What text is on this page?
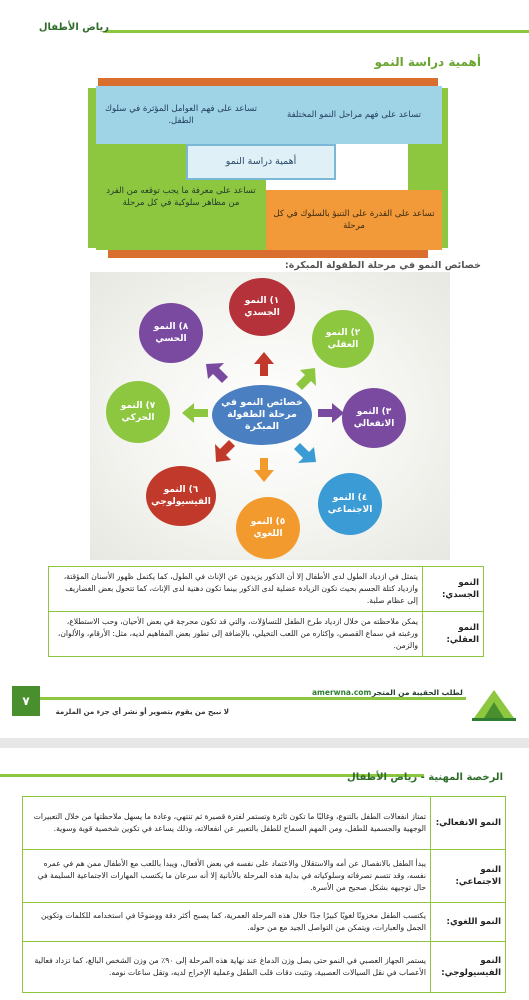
رياض الأطفال
أهمية دراسة النمو
تساعد على فهم العوامل المؤثرة في سلوك الطفل.
تساعد على فهم مراحل النمو المختلفة
تساعد على معرفة ما يجب توقعه من الفرد من مظاهر سلوكية في كل مرحلة
تساعد على القدرة على التنبؤ بالسلوك في كل مرحلة
أهمية دراسة النمو
خصائص النمو في مرحلة الطفولة المبكرة:
خصائص النمو في مرحلة الطفولة المبكرة
١) النمو الجسدي
٢) النمو العقلي
٣) النمو الانفعالي
٤) النمو الاجتماعي
٥) النمو اللغوي
٦) النمو الفيسيولوجي
٧) النمو الحركي
٨) النمو الحسي
النمو الجسدي:	يتمثل في ازدياد الطول لدى الأطفال إلا أن الذكور يزيدون عن الإناث في الطول، كما يكتمل ظهور الأسنان المؤقتة، وازدياد كتلة الجسم بحيث تكون الزيادة عضلية لدى الذكور بينما تكون دهنية لدى الإناث، كما تتحول بعض الغضاريف إلى عظام صلبة.
النمو العقلي:	يمكن ملاحظته من خلال ازدياد طرح الطفل للتساؤلات، والتي قد تكون محرجة في بعض الأحيان، وحب الاستطلاع، ورغبته في سماع القصص، وإكثاره من اللعب التخيلي، بالإضافة إلى تطور بعض المفاهيم لديه، مثل: الأرقام، والألوان، والزمن.
٧
لطلب الحقيبة من المتجر
amerwna.com
لا نبيح من يقوم بتصوير أو نشر أي جزء من الملزمة
الرخصة المهنية - رياض الأطفال
النمو الانفعالي:	تمتاز انفعالات الطفل بالتنوع، وغالبًا ما تكون ثائرة وتستمر لفترة قصيرة ثم تنتهي، وعادة ما يسهل ملاحظتها من خلال التعبيرات الوجهية والجسمية للطفل، ومن المهم السماح للطفل بالتعبير عن انفعالاته، وذلك يساعد في تكوين شخصية قوية وسوية.
النمو الاجتماعي:	يبدأ الطفل بالانفصال عن أمه والاستقلال والاعتماد على نفسه في بعض الأفعال، ويبدأ باللعب مع الأطفال ممن هم في عمره نفسه، وقد تتسم تصرفاته وسلوكياته في بداية هذه المرحلة بالأنانية إلا أنه سرعان ما يكتسب المهارات الاجتماعية السليمة في حال توجيهه بشكل صحيح من الأسرة.
النمو اللغوي:	يكتسب الطفل مخزونًا لغويًا كبيرًا جدًا خلال هذه المرحلة العمرية، كما يصبح أكثر دقة ووضوحًا في استخدامه للكلمات وتكوين الجمل والعبارات، ويتمكن من التواصل الجيد مع من حوله.
النمو الفيسيولوجي:	يستمر الجهاز العصبي في النمو حتى يصل وزن الدماغ عند نهاية هذه المرحلة إلى ٩٠٪ من وزن الشخص البالغ، كما تزداد فعالية الأعصاب في نقل السيالات العصبية، وتثبت دقات قلب الطفل وعملية الإخراج لديه، وتقل ساعات نومه.
